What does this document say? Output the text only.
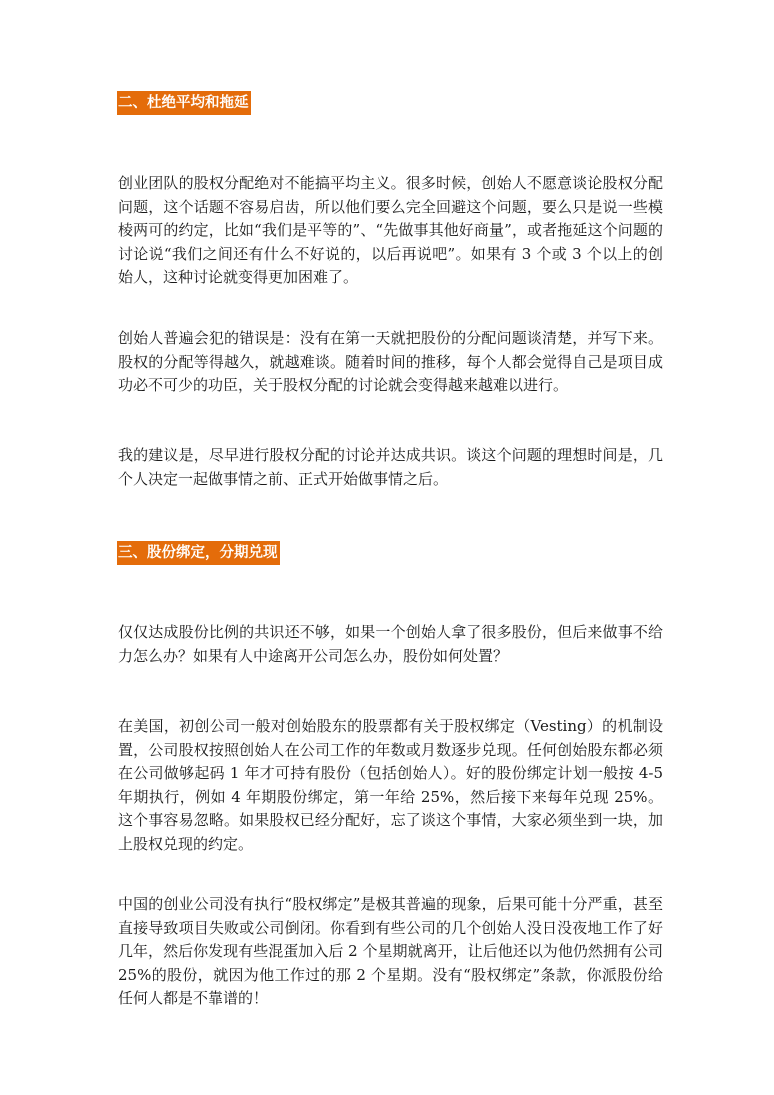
二、杜绝平均和拖延

创业团队的股权分配绝对不能搞平均主义。很多时候，创始人不愿意谈论股权分配问题，这个话题不容易启齿，所以他们要么完全回避这个问题，要么只是说一些模棱两可的约定，比如“我们是平等的”、“先做事其他好商量”，或者拖延这个问题的讨论说“我们之间还有什么不好说的，以后再说吧”。如果有 3 个或 3 个以上的创始人，这种讨论就变得更加困难了。

创始人普遍会犯的错误是：没有在第一天就把股份的分配问题谈清楚，并写下来。股权的分配等得越久，就越难谈。随着时间的推移，每个人都会觉得自己是项目成功必不可少的功臣，关于股权分配的讨论就会变得越来越难以进行。

我的建议是，尽早进行股权分配的讨论并达成共识。谈这个问题的理想时间是，几个人决定一起做事情之前、正式开始做事情之后。

三、股份绑定，分期兑现

仅仅达成股份比例的共识还不够，如果一个创始人拿了很多股份，但后来做事不给力怎么办？如果有人中途离开公司怎么办，股份如何处置？

在美国，初创公司一般对创始股东的股票都有关于股权绑定（Vesting）的机制设置，公司股权按照创始人在公司工作的年数或月数逐步兑现。任何创始股东都必须在公司做够起码 1 年才可持有股份（包括创始人）。好的股份绑定计划一般按 4-5 年期执行，例如 4 年期股份绑定，第一年给 25%，然后接下来每年兑现 25%。这个事容易忽略。如果股权已经分配好，忘了谈这个事情，大家必须坐到一块，加上股权兑现的约定。

中国的创业公司没有执行“股权绑定”是极其普遍的现象，后果可能十分严重，甚至直接导致项目失败或公司倒闭。你看到有些公司的几个创始人没日没夜地工作了好几年，然后你发现有些混蛋加入后 2 个星期就离开，让后他还以为他仍然拥有公司 25%的股份，就因为他工作过的那 2 个星期。没有“股权绑定”条款，你派股份给任何人都是不靠谱的！
